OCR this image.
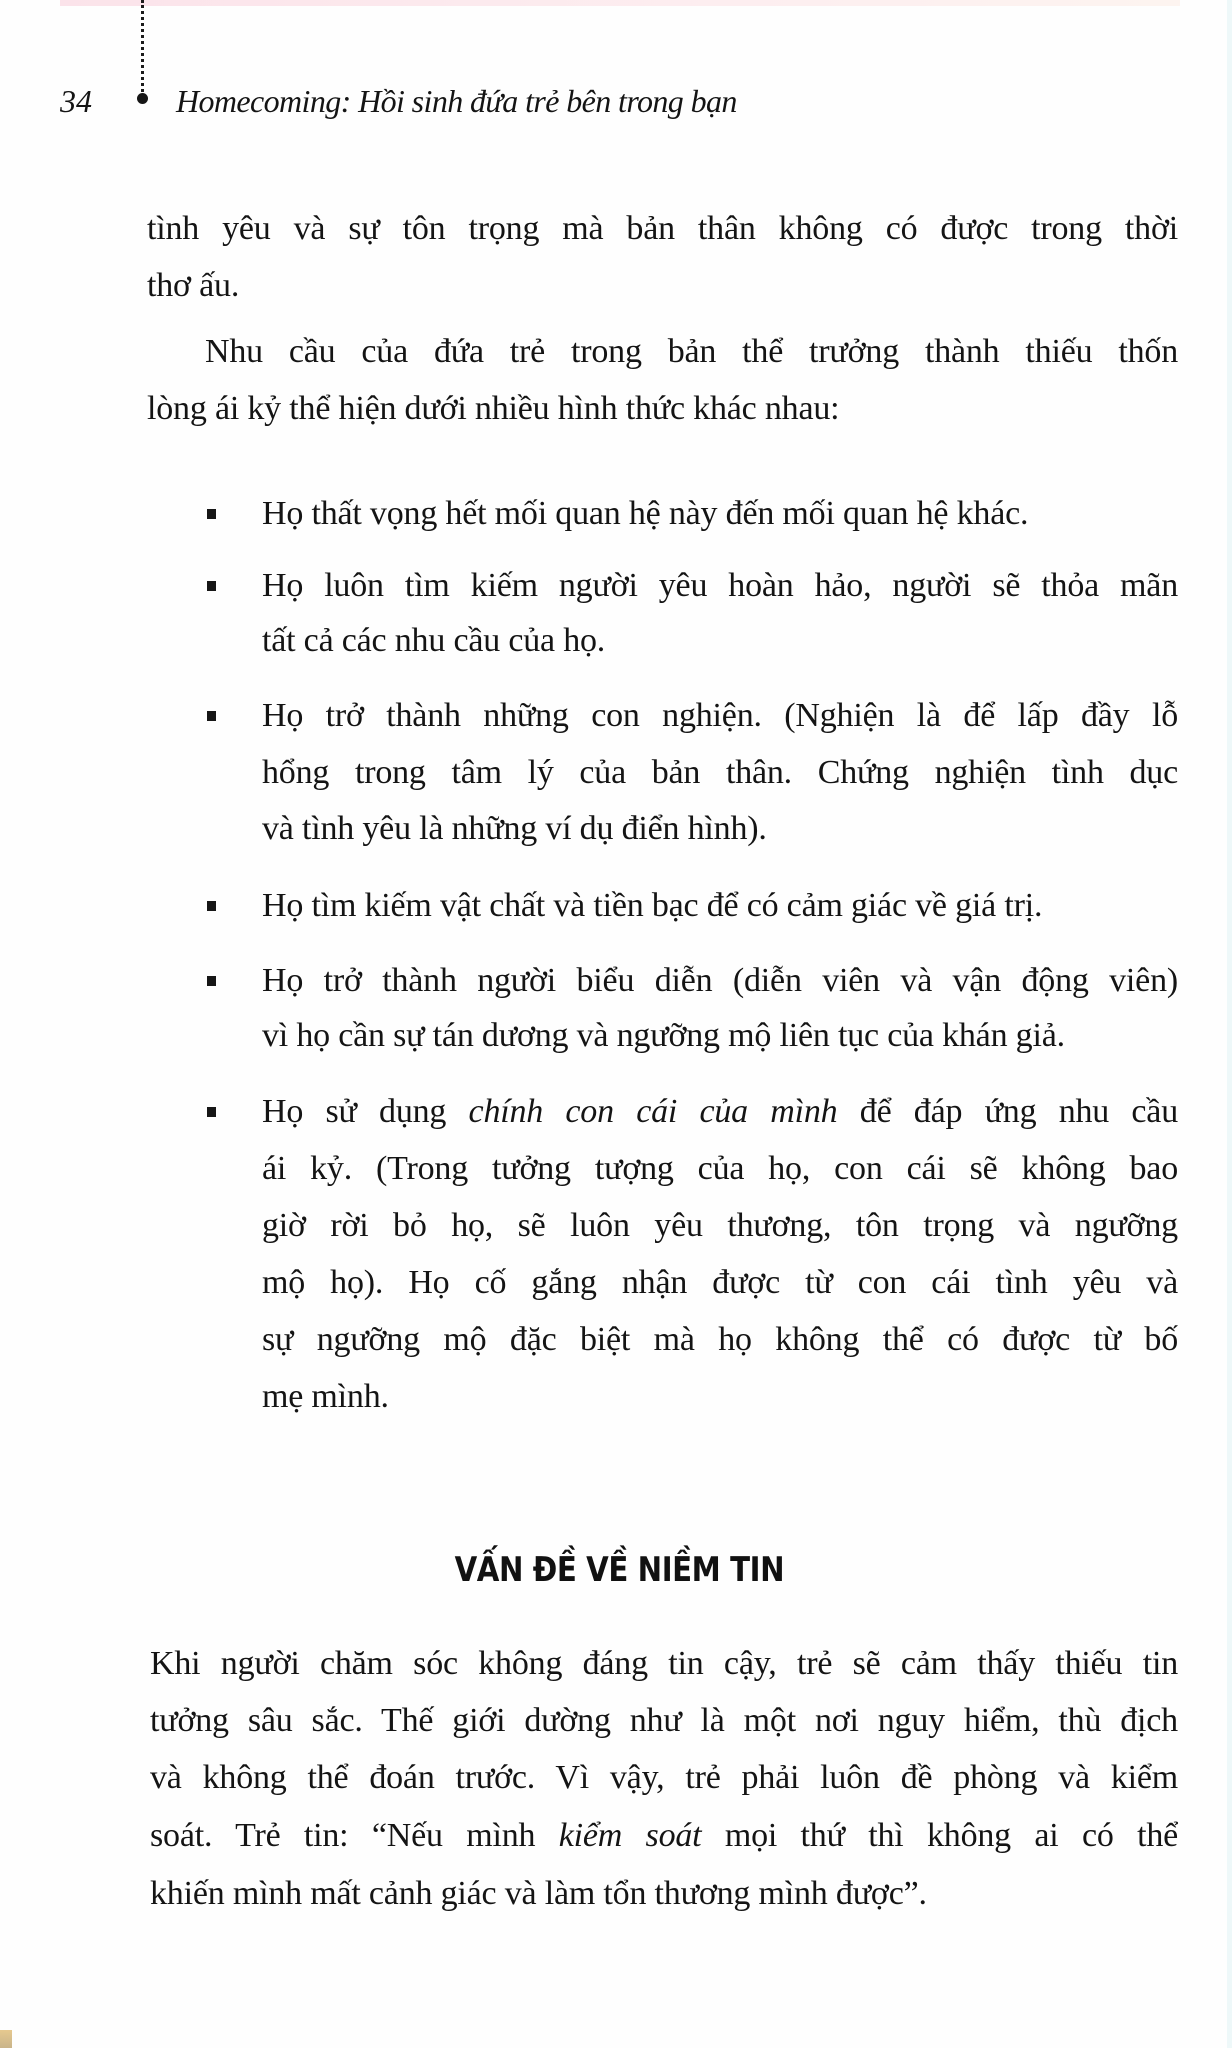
34	Homecoming: Hồi sinh đứa trẻ bên trong bạn
tình yêu và sự tôn trọng mà bản thân không có được trong thời
thơ ấu.
Nhu cầu của đứa trẻ trong bản thể trưởng thành thiếu thốn
lòng ái kỷ thể hiện dưới nhiều hình thức khác nhau:
Họ thất vọng hết mối quan hệ này đến mối quan hệ khác.
Họ luôn tìm kiếm người yêu hoàn hảo, người sẽ thỏa mãn
tất cả các nhu cầu của họ.
Họ trở thành những con nghiện. (Nghiện là để lấp đầy lỗ
hổng trong tâm lý của bản thân. Chứng nghiện tình dục
và tình yêu là những ví dụ điển hình).
Họ tìm kiếm vật chất và tiền bạc để có cảm giác về giá trị.
Họ trở thành người biểu diễn (diễn viên và vận động viên)
vì họ cần sự tán dương và ngưỡng mộ liên tục của khán giả.
Họ sử dụng chính con cái của mình để đáp ứng nhu cầu
ái kỷ. (Trong tưởng tượng của họ, con cái sẽ không bao
giờ rời bỏ họ, sẽ luôn yêu thương, tôn trọng và ngưỡng
mộ họ). Họ cố gắng nhận được từ con cái tình yêu và
sự ngưỡng mộ đặc biệt mà họ không thể có được từ bố
mẹ mình.
Khi người chăm sóc không đáng tin cậy, trẻ sẽ cảm thấy thiếu tin
tưởng sâu sắc. Thế giới dường như là một nơi nguy hiểm, thù địch
và không thể đoán trước. Vì vậy, trẻ phải luôn đề phòng và kiểm
soát. Trẻ tin: “Nếu mình kiểm soát mọi thứ thì không ai có thể
khiến mình mất cảnh giác và làm tổn thương mình được”.
VẤN ĐỀ VỀ NIỀM TIN
